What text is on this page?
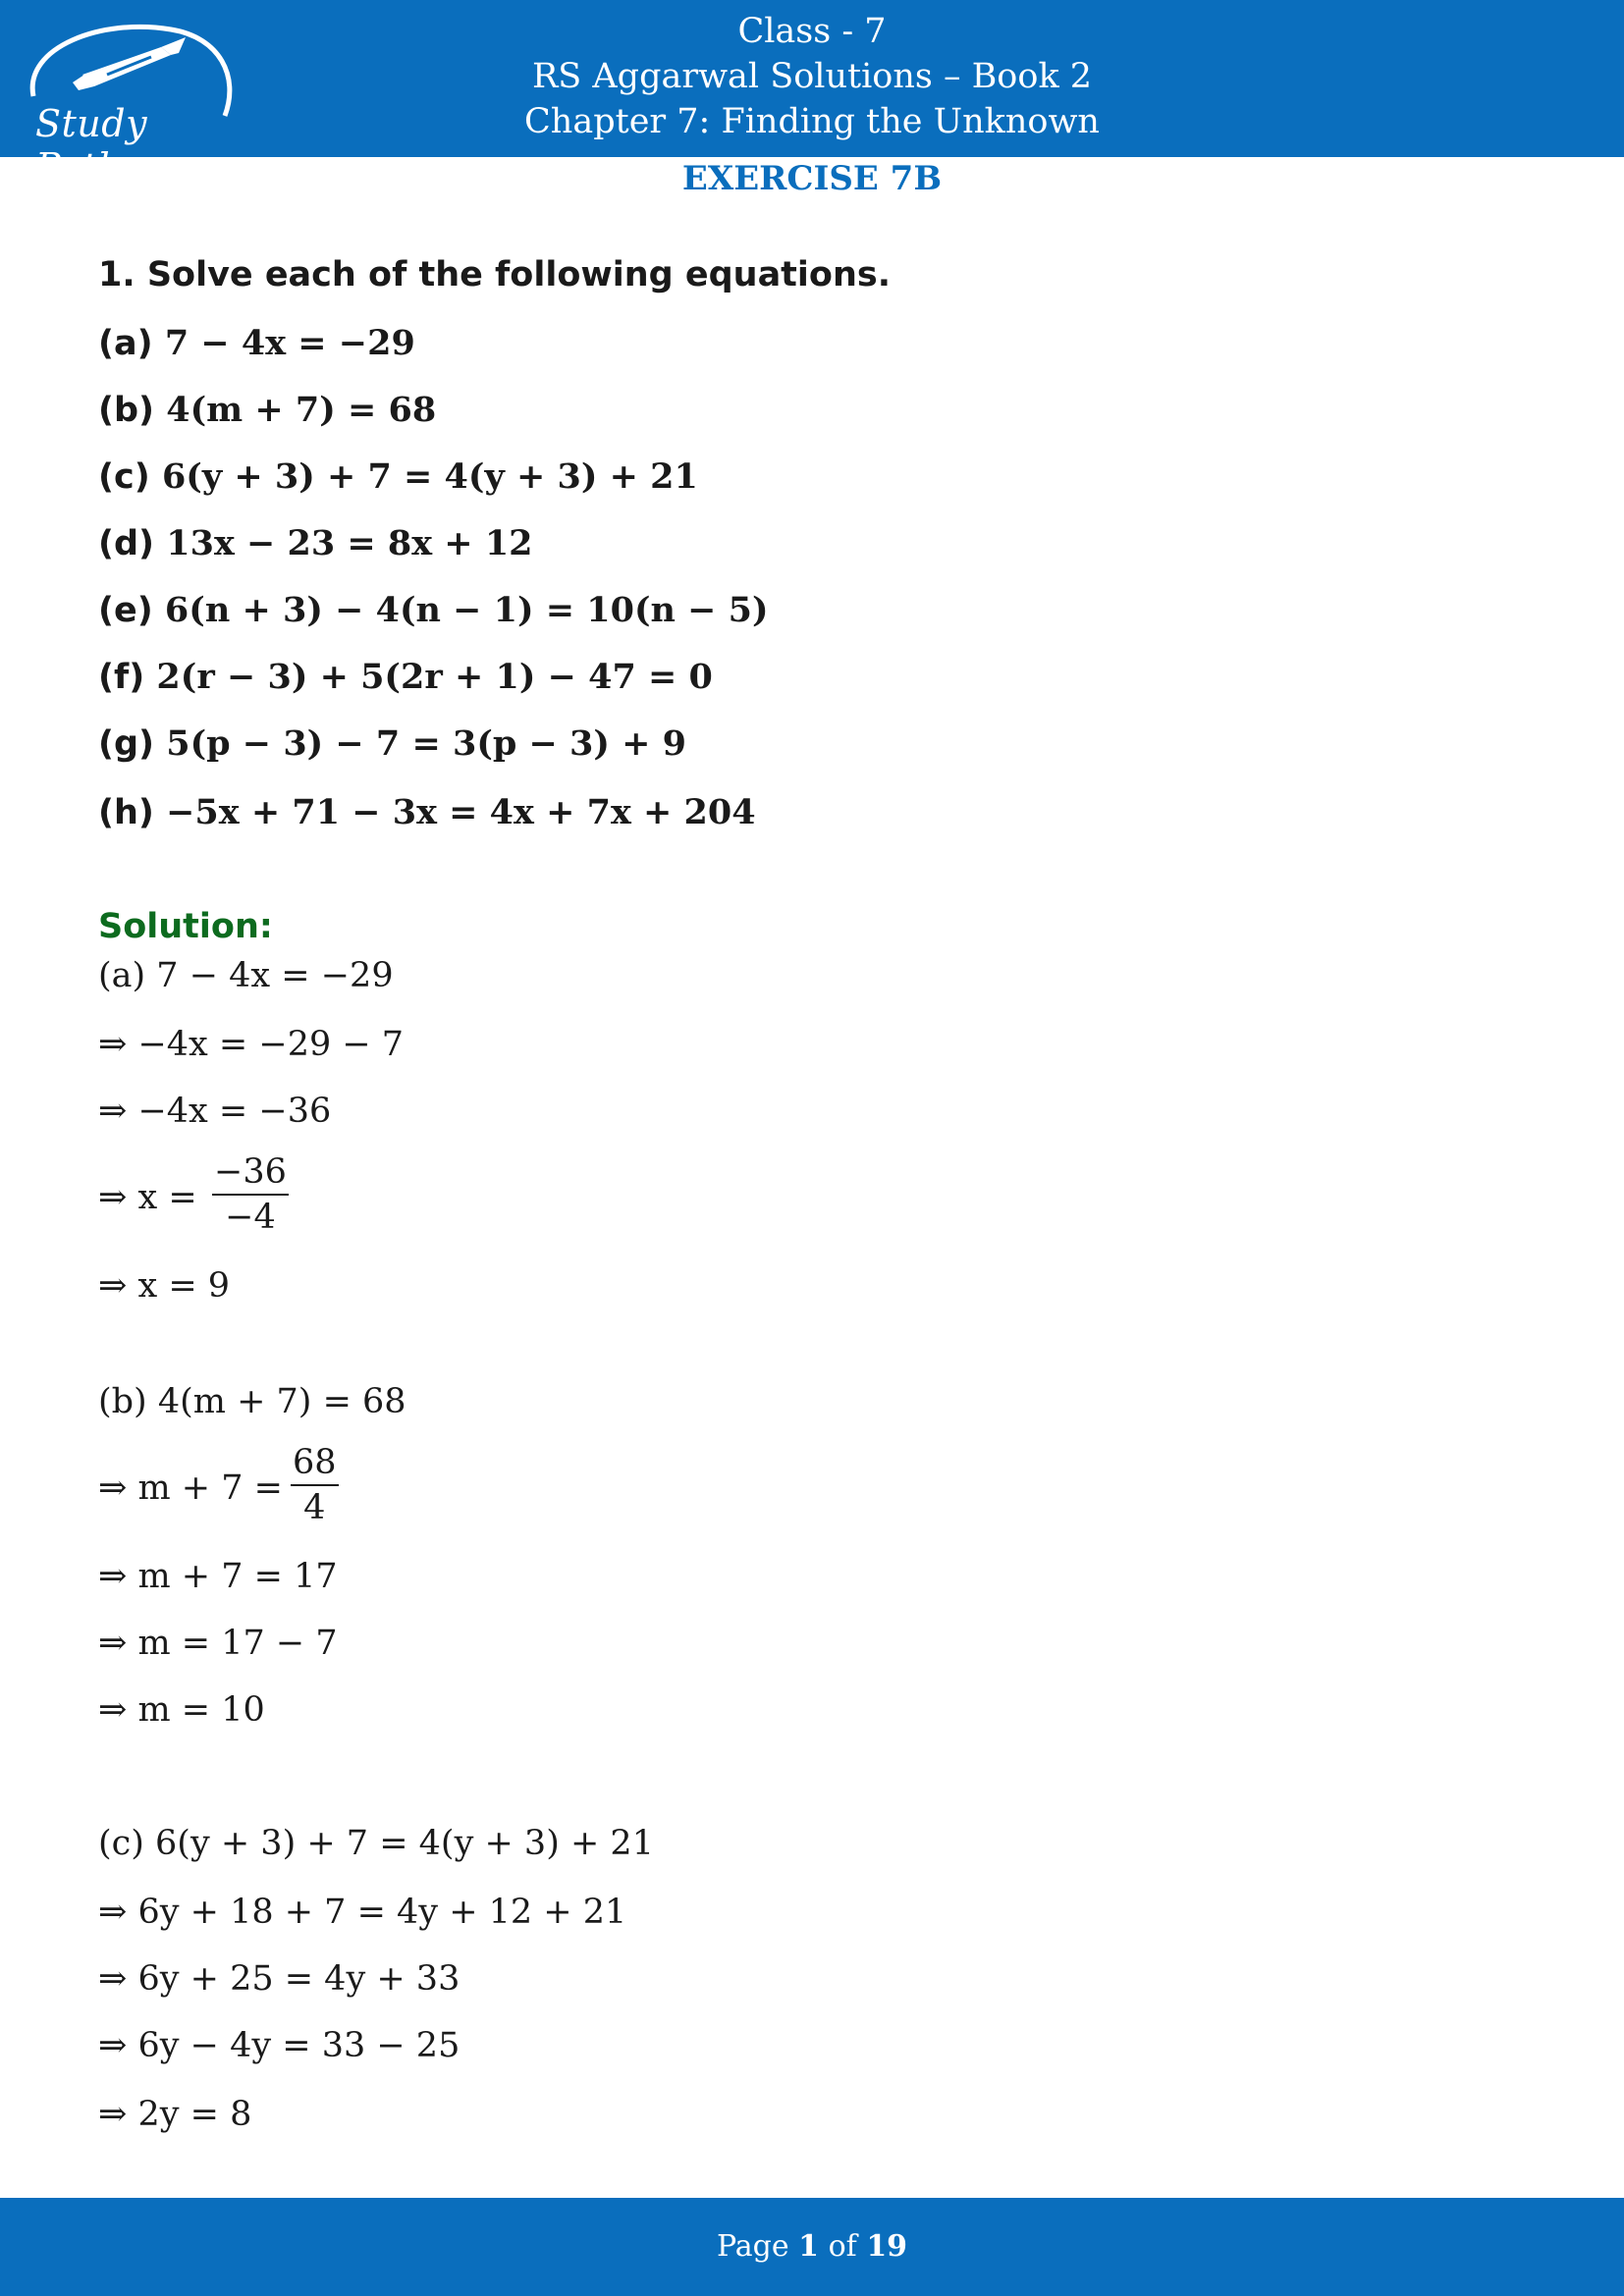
Study Path
Class - 7
RS Aggarwal Solutions – Book 2
Chapter 7: Finding the Unknown
EXERCISE 7B
1. Solve each of the following equations.
(a) 7 − 4x = −29
(b) 4(m + 7) = 68
(c) 6(y + 3) + 7 = 4(y + 3) + 21
(d) 13x − 23 = 8x + 12
(e) 6(n + 3) − 4(n − 1) = 10(n − 5)
(f) 2(r − 3) + 5(2r + 1) − 47 = 0
(g) 5(p − 3) − 7 = 3(p − 3) + 9
(h) −5x + 71 − 3x = 4x + 7x + 204
Solution:
(a) 7 − 4x = −29
⇒ −4x = −29 − 7
⇒ −4x = −36
⇒ x =
−36
−4
⇒ x = 9
(b) 4(m + 7) = 68
⇒ m + 7 =
68
4
⇒ m + 7 = 17
⇒ m = 17 − 7
⇒ m = 10
(c) 6(y + 3) + 7 = 4(y + 3) + 21
⇒ 6y + 18 + 7 = 4y + 12 + 21
⇒ 6y + 25 = 4y + 33
⇒ 6y − 4y = 33 − 25
⇒ 2y = 8
Page 1 of 19
